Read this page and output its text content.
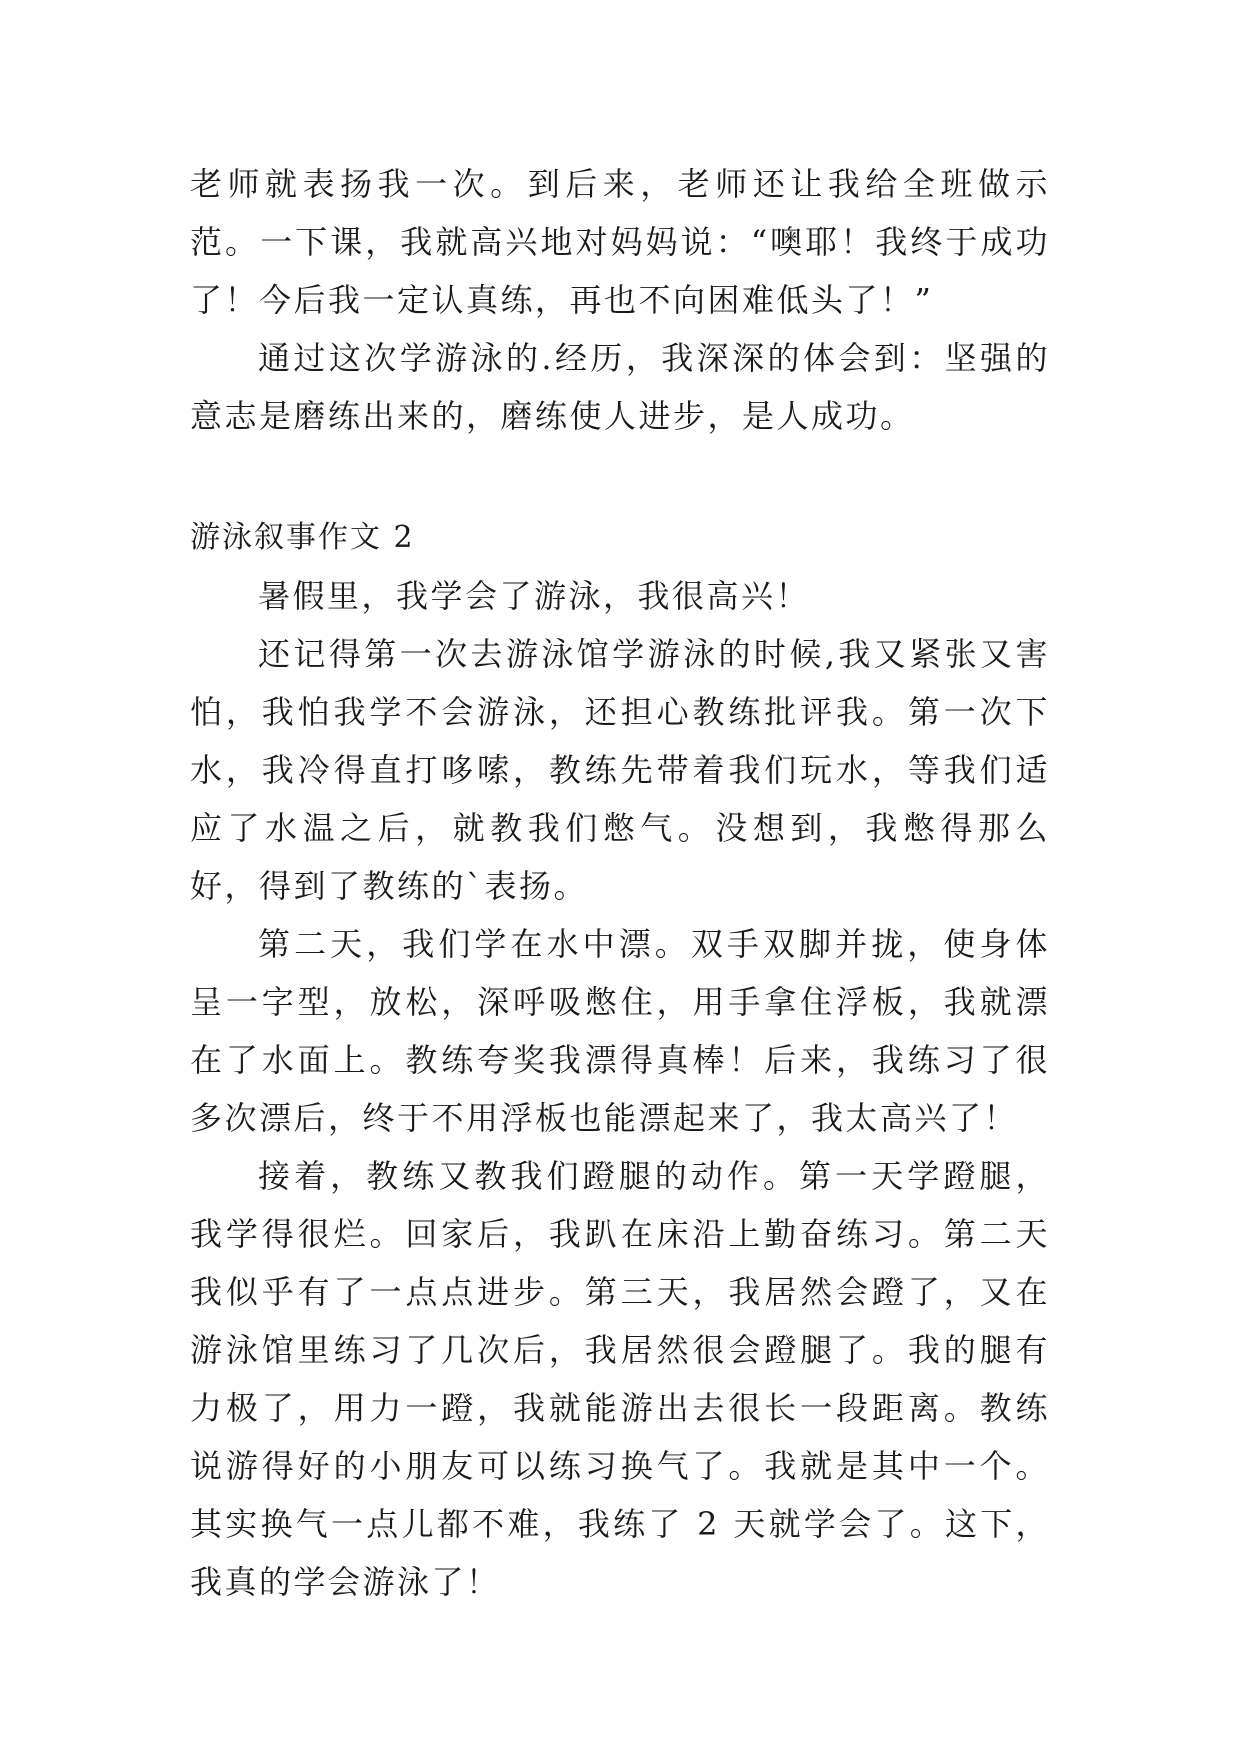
老师就表扬我一次。到后来，老师还让我给全班做示范。一下课，我就高兴地对妈妈说：“噢耶！我终于成功了！今后我一定认真练，再也不向困难低头了！”

通过这次学游泳的.经历，我深深的体会到：坚强的意志是磨练出来的，磨练使人进步，是人成功。

游泳叙事作文 2

暑假里，我学会了游泳，我很高兴！

还记得第一次去游泳馆学游泳的时候,我又紧张又害怕，我怕我学不会游泳，还担心教练批评我。第一次下水，我冷得直打哆嗦，教练先带着我们玩水，等我们适应了水温之后，就教我们憋气。没想到，我憋得那么好，得到了教练的`表扬。

第二天，我们学在水中漂。双手双脚并拢，使身体呈一字型，放松，深呼吸憋住，用手拿住浮板，我就漂在了水面上。教练夸奖我漂得真棒！后来，我练习了很多次漂后，终于不用浮板也能漂起来了，我太高兴了！

接着，教练又教我们蹬腿的动作。第一天学蹬腿，我学得很烂。回家后，我趴在床沿上勤奋练习。第二天我似乎有了一点点进步。第三天，我居然会蹬了，又在游泳馆里练习了几次后，我居然很会蹬腿了。我的腿有力极了，用力一蹬，我就能游出去很长一段距离。教练说游得好的小朋友可以练习换气了。我就是其中一个。其实换气一点儿都不难，我练了 2 天就学会了。这下，我真的学会游泳了！
